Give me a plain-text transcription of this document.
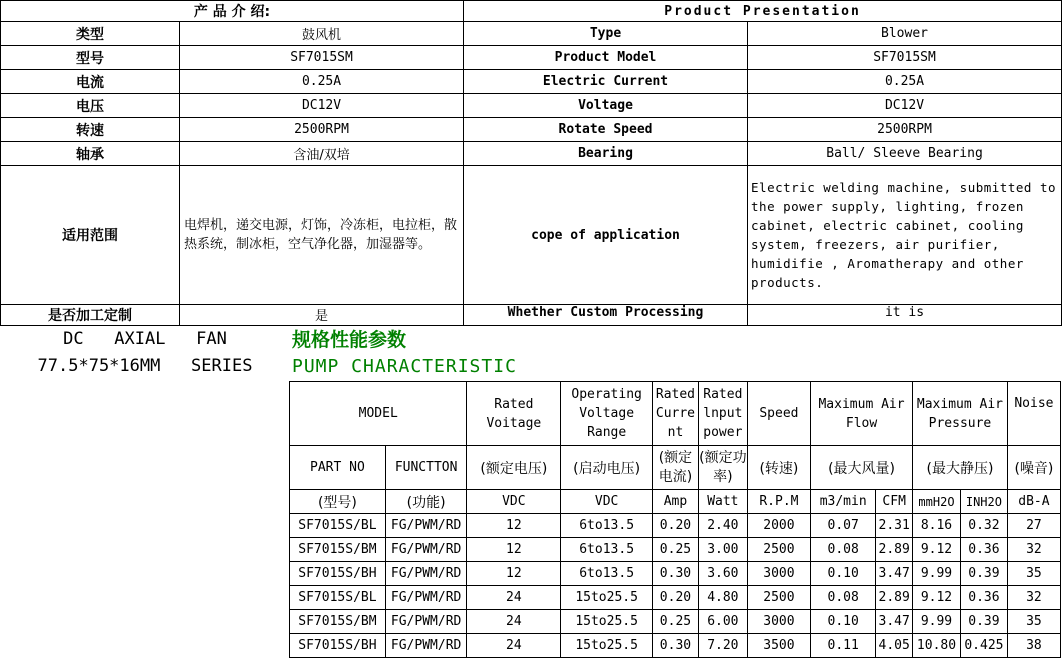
产 品 介 绍:		Product Presentation	
类型	鼓风机	Type	Blower
型号	SF7015SM	Product Model	SF7015SM
电流	0.25A	Electric Current	0.25A
电压	DC12V	Voltage	DC12V
转速	2500RPM	Rotate Speed	2500RPM
轴承	含油/双培	Bearing	Ball/ Sleeve Bearing
适用范围	电焊机，递交电源，灯饰，冷冻柜，电拉柜，散热系统，制冰柜，空气净化器，加湿器等。	cope of application	Electric welding machine, submitted to the power supply, lighting, frozen cabinet, electric cabinet, cooling system, freezers, air purifier, humidifie , Aromatherapy and other products.
是否加工定制	是	Whether Custom Processing	it is
DC   AXIAL   FAN
77.5*75*16MM   SERIES
规格性能参数
PUMP CHARACTERISTIC
MODEL		Rated Voitage	Operating Voltage Range	Rated Current	Rated lnput power	Speed	Maximum Air Flow		Maximum Air Pressure		Noise
PART NO	FUNCTTON	(额定电压)	(启动电压)	(额定电流)	(额定功率)	(转速)	(最大风量)		(最大静压)		(噪音)
(型号)	(功能)	VDC	VDC	Amp	Watt	R.P.M	m3/min	CFM	mmH2O	INH2O	dB-A
SF7015S/BL	FG/PWM/RD	12	6to13.5	0.20	2.40	2000	0.07	2.31	8.16	0.32	27
SF7015S/BM	FG/PWM/RD	12	6to13.5	0.25	3.00	2500	0.08	2.89	9.12	0.36	32
SF7015S/BH	FG/PWM/RD	12	6to13.5	0.30	3.60	3000	0.10	3.47	9.99	0.39	35
SF7015S/BL	FG/PWM/RD	24	15to25.5	0.20	4.80	2500	0.08	2.89	9.12	0.36	32
SF7015S/BM	FG/PWM/RD	24	15to25.5	0.25	6.00	3000	0.10	3.47	9.99	0.39	35
SF7015S/BH	FG/PWM/RD	24	15to25.5	0.30	7.20	3500	0.11	4.05	10.80	0.425	38
